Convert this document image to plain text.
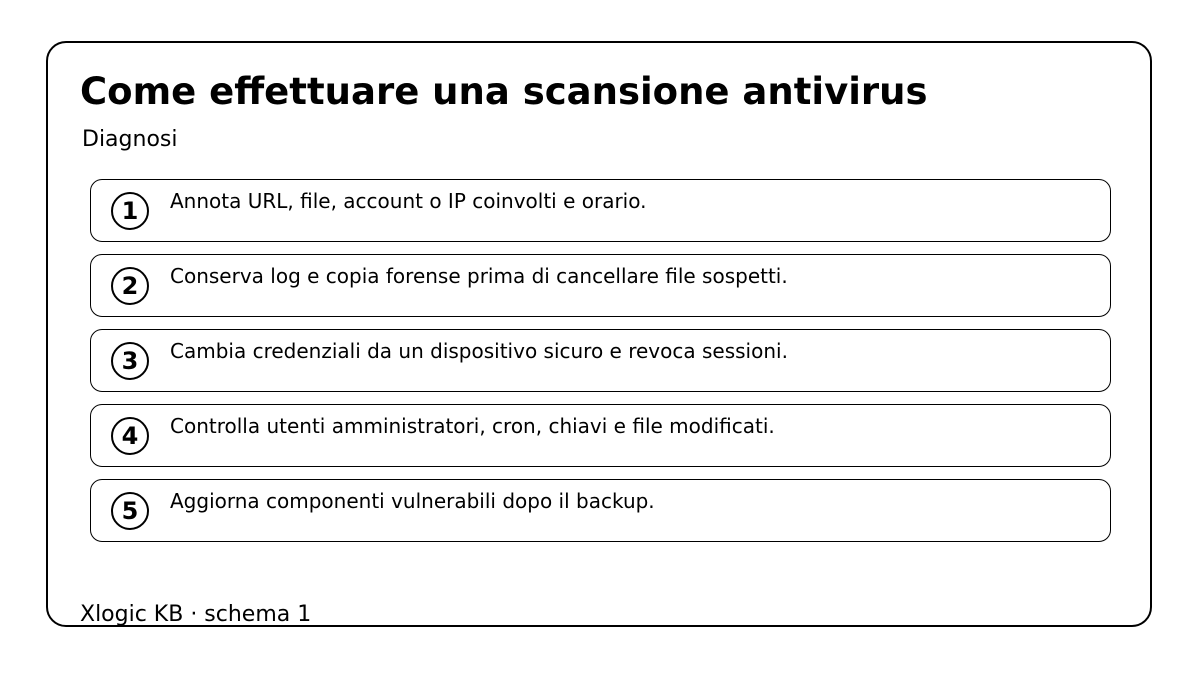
Come effettuare una scansione antivirus
Diagnosi
1	Annota URL, file, account o IP coinvolti e orario.
2	Conserva log e copia forense prima di cancellare file sospetti.
3	Cambia credenziali da un dispositivo sicuro e revoca sessioni.
4	Controlla utenti amministratori, cron, chiavi e file modificati.
5	Aggiorna componenti vulnerabili dopo il backup.
Xlogic KB · schema 1
